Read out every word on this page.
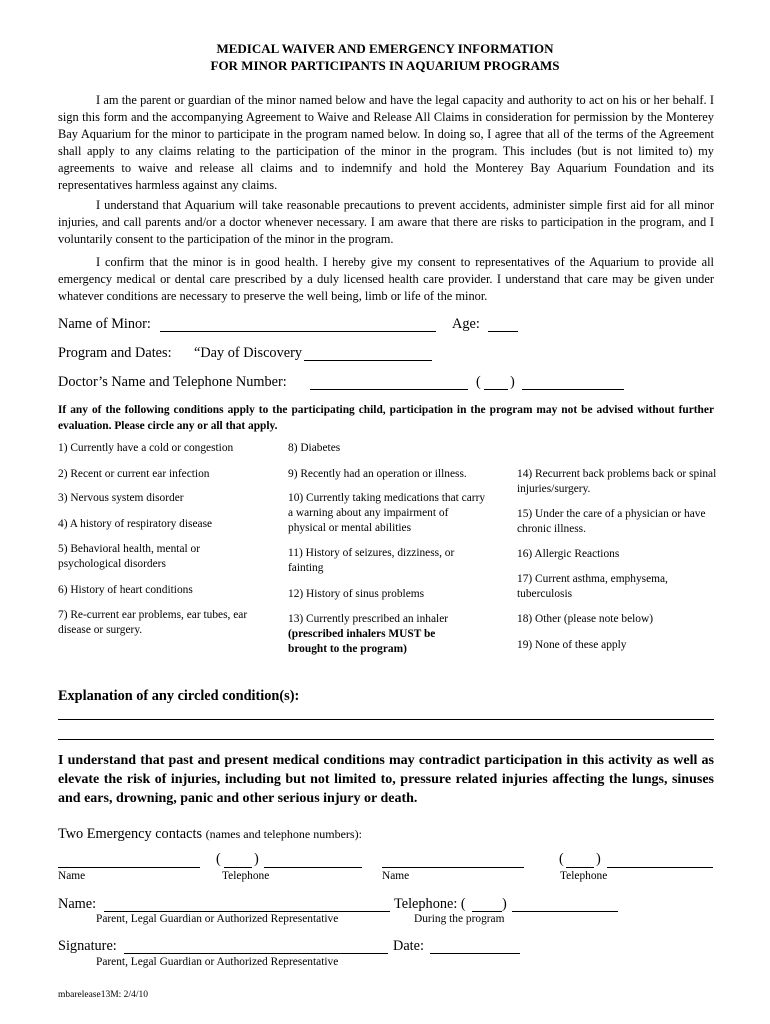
MEDICAL WAIVER AND EMERGENCY INFORMATION
FOR MINOR PARTICIPANTS IN AQUARIUM PROGRAMS
I am the parent or guardian of the minor named below and have the legal capacity and authority to act on his or her behalf. I sign this form and the accompanying Agreement to Waive and Release All Claims in consideration for permission by the Monterey Bay Aquarium for the minor to participate in the program named below. In doing so, I agree that all of the terms of the Agreement shall apply to any claims relating to the participation of the minor in the program. This includes (but is not limited to) my agreements to waive and release all claims and to indemnify and hold the Monterey Bay Aquarium Foundation and its representatives harmless against any claims.
I understand that Aquarium will take reasonable precautions to prevent accidents, administer simple first aid for all minor injuries, and call parents and/or a doctor whenever necessary. I am aware that there are risks to participation in the program, and I voluntarily consent to the participation of the minor in the program.
I confirm that the minor is in good health. I hereby give my consent to representatives of the Aquarium to provide all emergency medical or dental care prescribed by a duly licensed health care provider. I understand that care may be given under whatever conditions are necessary to preserve the well being, limb or life of the minor.
Name of Minor:	Age:
Program and Dates: “Day of Discovery
Doctor’s Name and Telephone Number:	( )
If any of the following conditions apply to the participating child, participation in the program may not be advised without further evaluation. Please circle any or all that apply.
1) Currently have a cold or congestion
2) Recent or current ear infection
3) Nervous system disorder
4) A history of respiratory disease
5) Behavioral health, mental or psychological disorders
6) History of heart conditions
7) Re-current ear problems, ear tubes, ear disease or surgery.
8) Diabetes
9) Recently had an operation or illness.
10) Currently taking medications that carry a warning about any impairment of physical or mental abilities
11) History of seizures, dizziness, or fainting
12) History of sinus problems
13) Currently prescribed an inhaler
(prescribed inhalers MUST be brought to the program)
14) Recurrent back problems back or spinal injuries/surgery.
15) Under the care of a physician or have chronic illness.
16) Allergic Reactions
17) Current asthma, emphysema, tuberculosis
18) Other (please note below)
19) None of these apply
Explanation of any circled condition(s):
I understand that past and present medical conditions may contradict participation in this activity as well as elevate the risk of injuries, including but not limited to, pressure related injuries affecting the lungs, sinuses and ears, drowning, panic and other serious injury or death.
Two Emergency contacts (names and telephone numbers):
( )	( )
Name	Telephone	Name	Telephone
Name:	Telephone: (	)
Parent, Legal Guardian or Authorized Representative	During the program
Signature:	Date:
Parent, Legal Guardian or Authorized Representative
mbarelease13M: 2/4/10
